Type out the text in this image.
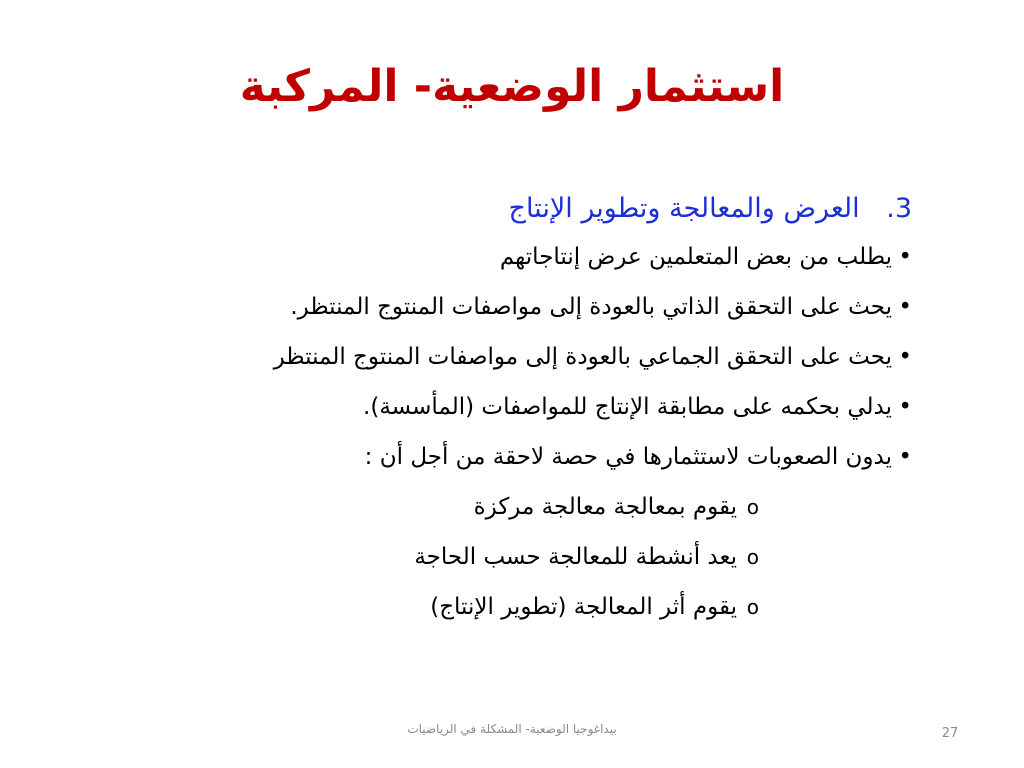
استثمار الوضعية- المركبة
3. العرض والمعالجة وتطوير الإنتاج
•
يطلب من بعض المتعلمين عرض إنتاجاتهم
•
يحث على التحقق الذاتي بالعودة إلى مواصفات المنتوج المنتظر.
•
يحث على التحقق الجماعي بالعودة إلى مواصفات المنتوج المنتظر
•
يدلي بحكمه على مطابقة الإنتاج للمواصفات (المأسسة).
•
يدون الصعوبات لاستثمارها في حصة لاحقة من أجل أن :
o
يقوم بمعالجة معالجة مركزة
o
يعد أنشطة للمعالجة حسب الحاجة
o
يقوم أثر المعالجة (تطوير الإنتاج)
بيداغوجيا الوضعية- المشكلة في الرياضيات	27
